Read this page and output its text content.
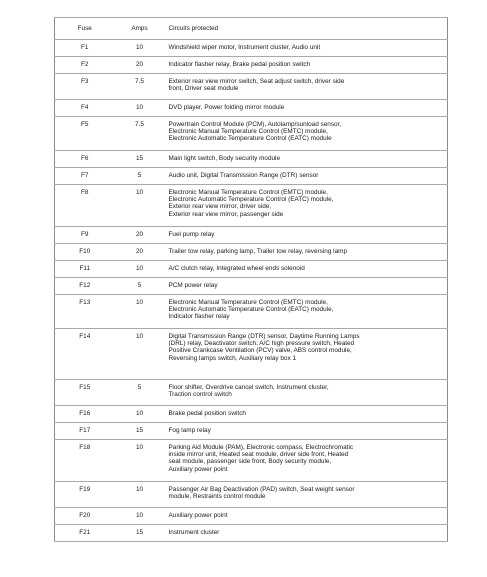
Fuse	Amps	Circuits protected
F1	10	Windshield wiper motor, Instrument cluster, Audio unit

F2	20	Indicator flasher relay, Brake pedal position switch

F3	7.5	Exterior rear view mirror switch, Seat adjust switch, driver side
front, Driver seat module

F4	10	DVD player, Power folding mirror module

F5	7.5	Powertrain Control Module (PCM), Autolamp/sunload sensor,
Electronic Manual Temperature Control (EMTC) module,
Electronic Automatic Temperature Control (EATC) module

F6	15	Main light switch, Body security module

F7	5	Audio unit, Digital Transmission Range (DTR) sensor

F8	10	Electronic Manual Temperature Control (EMTC) module,
Electronic Automatic Temperature Control (EATC) module,
Exterior rear view mirror, driver side,
Exterior rear view mirror, passenger side

F9	20	Fuel pump relay

F10	20	Trailer tow relay, parking lamp, Trailer tow relay, reversing lamp

F11	10	A/C clutch relay, Integrated wheel ends solenoid

F12	5	PCM power relay

F13	10	Electronic Manual Temperature Control (EMTC) module,
Electronic Automatic Temperature Control (EATC) module,
Indicator flasher relay

F14	10	Digital Transmission Range (DTR) sensor, Daytime Running Lamps
(DRL) relay, Deactivator switch, A/C high pressure switch, Heated
Positive Crankcase Ventilation (PCV) valve, ABS control module,
Reversing lamps switch, Auxiliary relay box 1

F15	5	Floor shifter, Overdrive cancel switch, Instrument cluster,
Traction control switch

F16	10	Brake pedal position switch

F17	15	Fog lamp relay

F18	10	Parking Aid Module (PAM), Electronic compass, Electrochromatic
inside mirror unit, Heated seat module, driver side front, Heated
seat module, passenger side front, Body security module,
Auxiliary power point

F19	10	Passenger Air Bag Deactivation (PAD) switch, Seat weight sensor
module, Restraints control module

F20	10	Auxiliary power point

F21	15	Instrument cluster
